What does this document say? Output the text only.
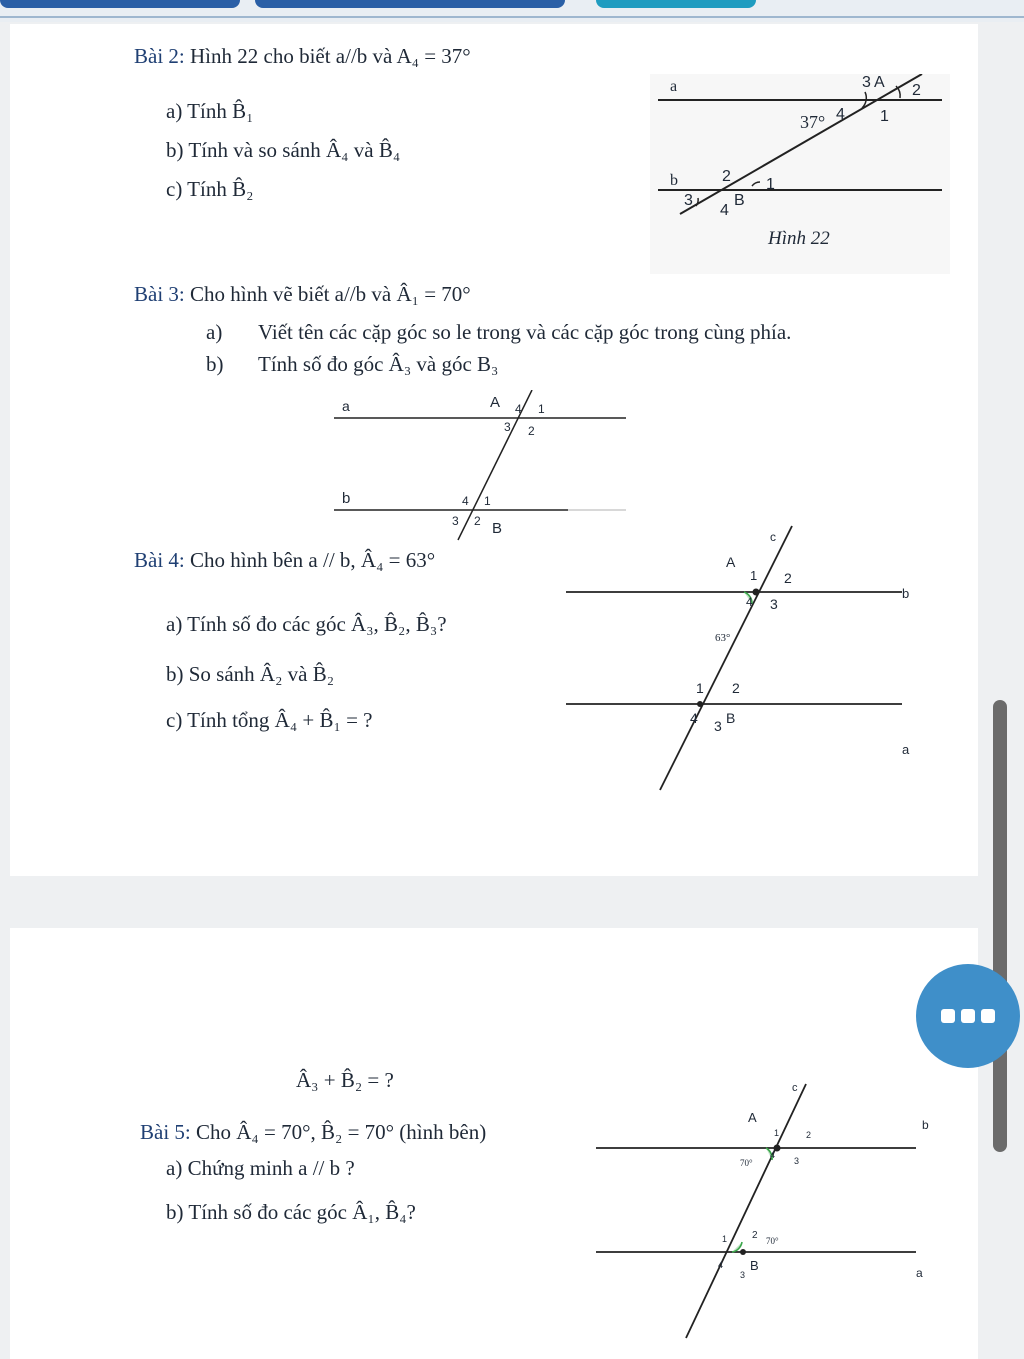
Bài 2: Hình 22 cho biết a//b và A₄ = 37°
a) Tính B̂₁
b) Tính và so sánh Â₄ và B̂₄
c) Tính B̂₂
a
b
3 A 2
4 1
37°
2 1
3
4
B
Hình 22
Bài 3: Cho hình vẽ biết a//b và Â₁ = 70°
a) Viết tên các cặp góc so le trong và các cặp góc trong cùng phía.
b) Tính số đo góc Â₃ và góc B₃
a
b
A 4 1
3 2
4 1
3 2 B
Bài 4: Cho hình bên a // b, Â₄ = 63°
a) Tính số đo các góc Â₃, B̂₂, B̂₃?
b) So sánh Â₂ và B̂₂
c) Tính tổng Â₄ + B̂₁ = ?
c
b
a
A
1 2
63°
4 3
1 2
4 3 B
Â₃ + B̂₂ = ?
Bài 5: Cho Â₄ = 70°, B̂₂ = 70° (hình bên)
a) Chứng minh a // b ?
b) Tính số đo các góc Â₁, B̂₄?
c
b
a
A
1	2
70°
4
3
1 2 70°
4
3
B
